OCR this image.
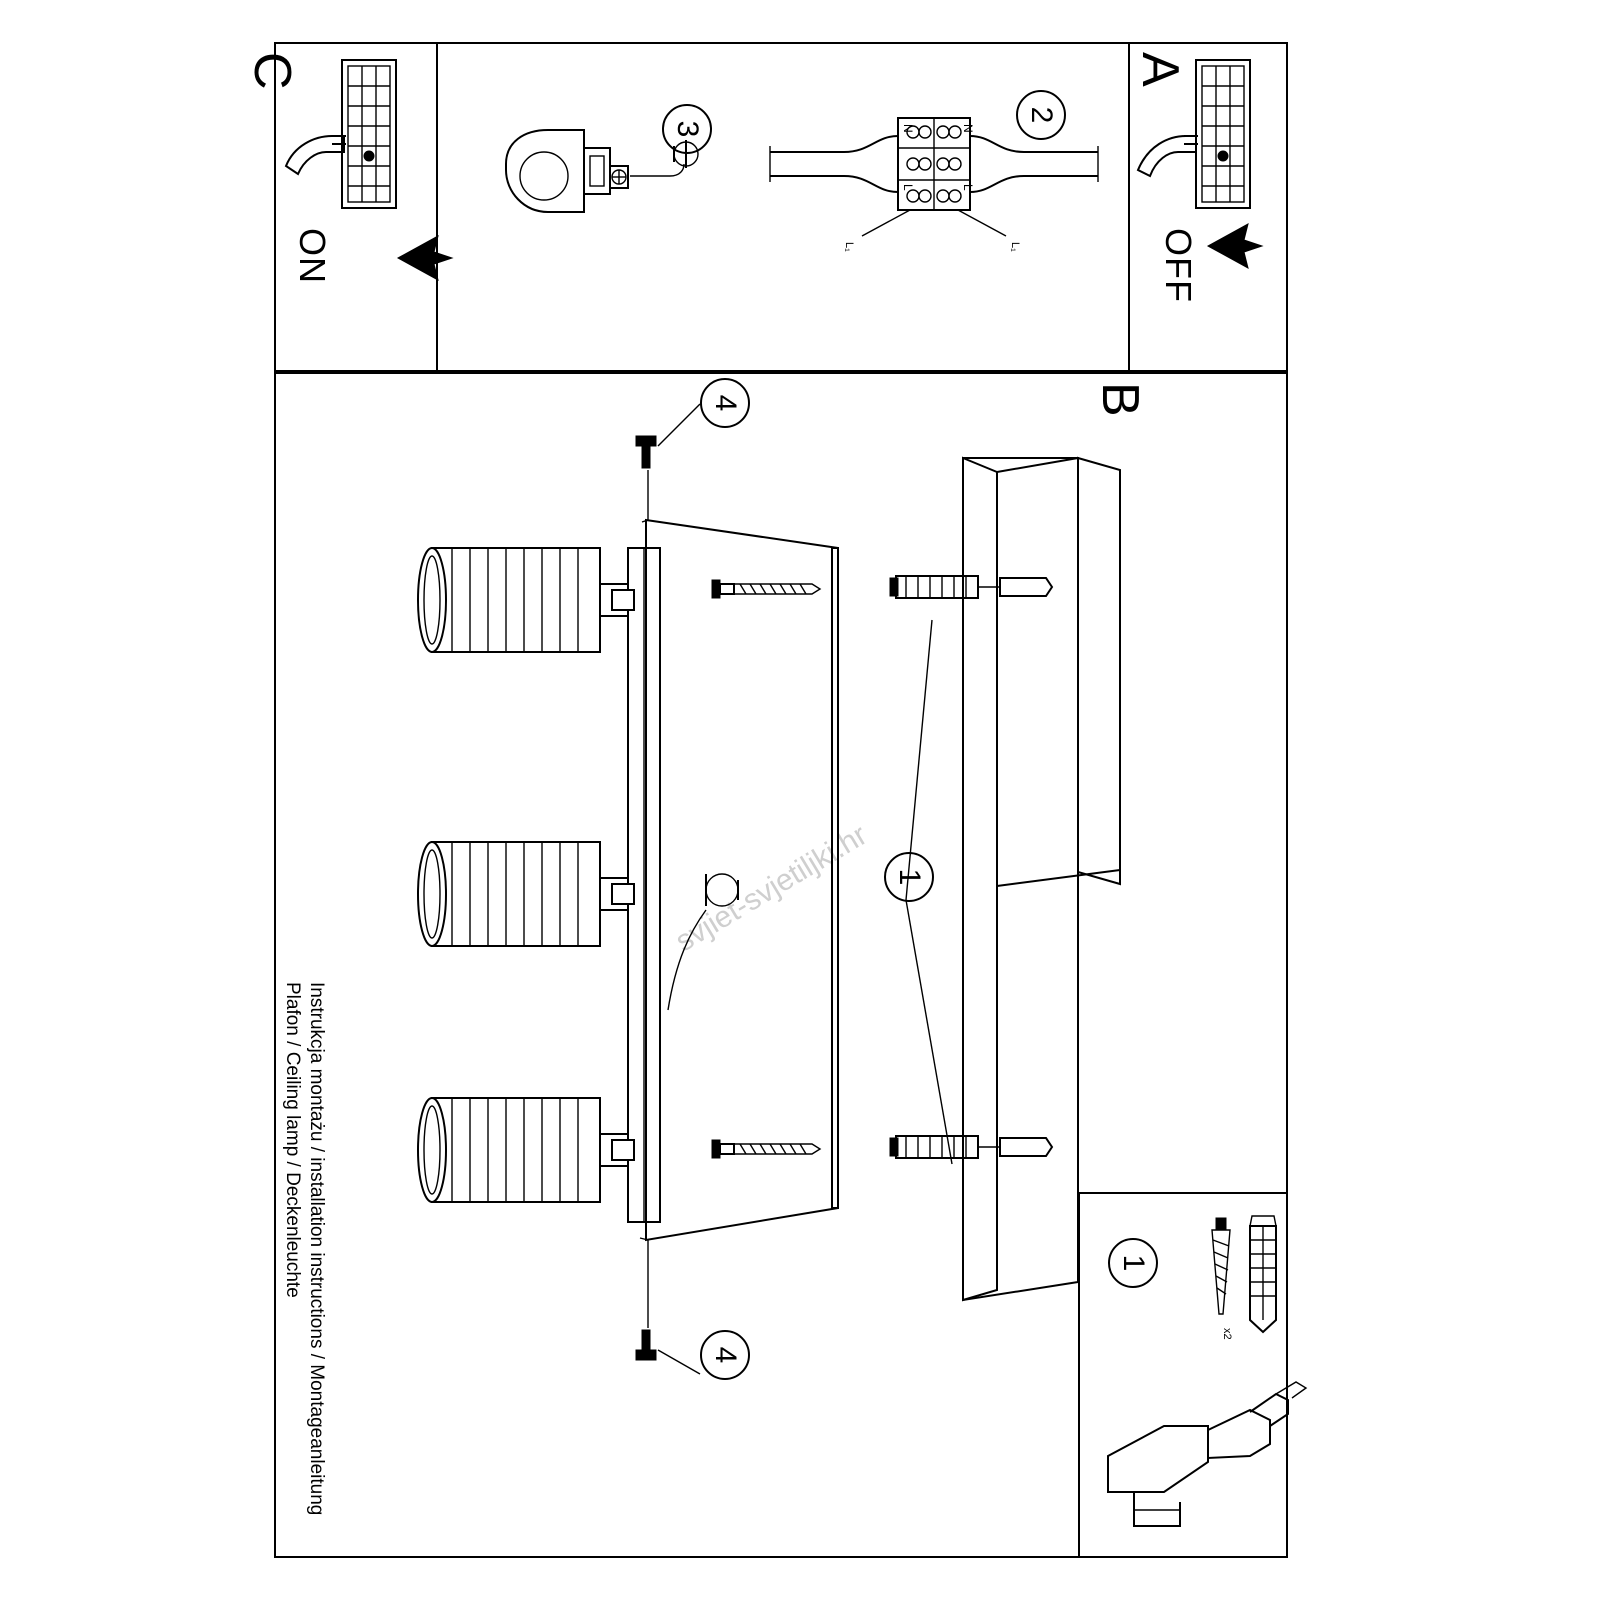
A
OFF
C
ON
2
3	N	N
L	L
L₁	L₁
B
Instrukcja montażu / installation instructions / Montageanleitung
Plafon / Ceiling lamp / Deckenleuchte
svjiet-svjetiljki.hr
4
4
1
1
x2
